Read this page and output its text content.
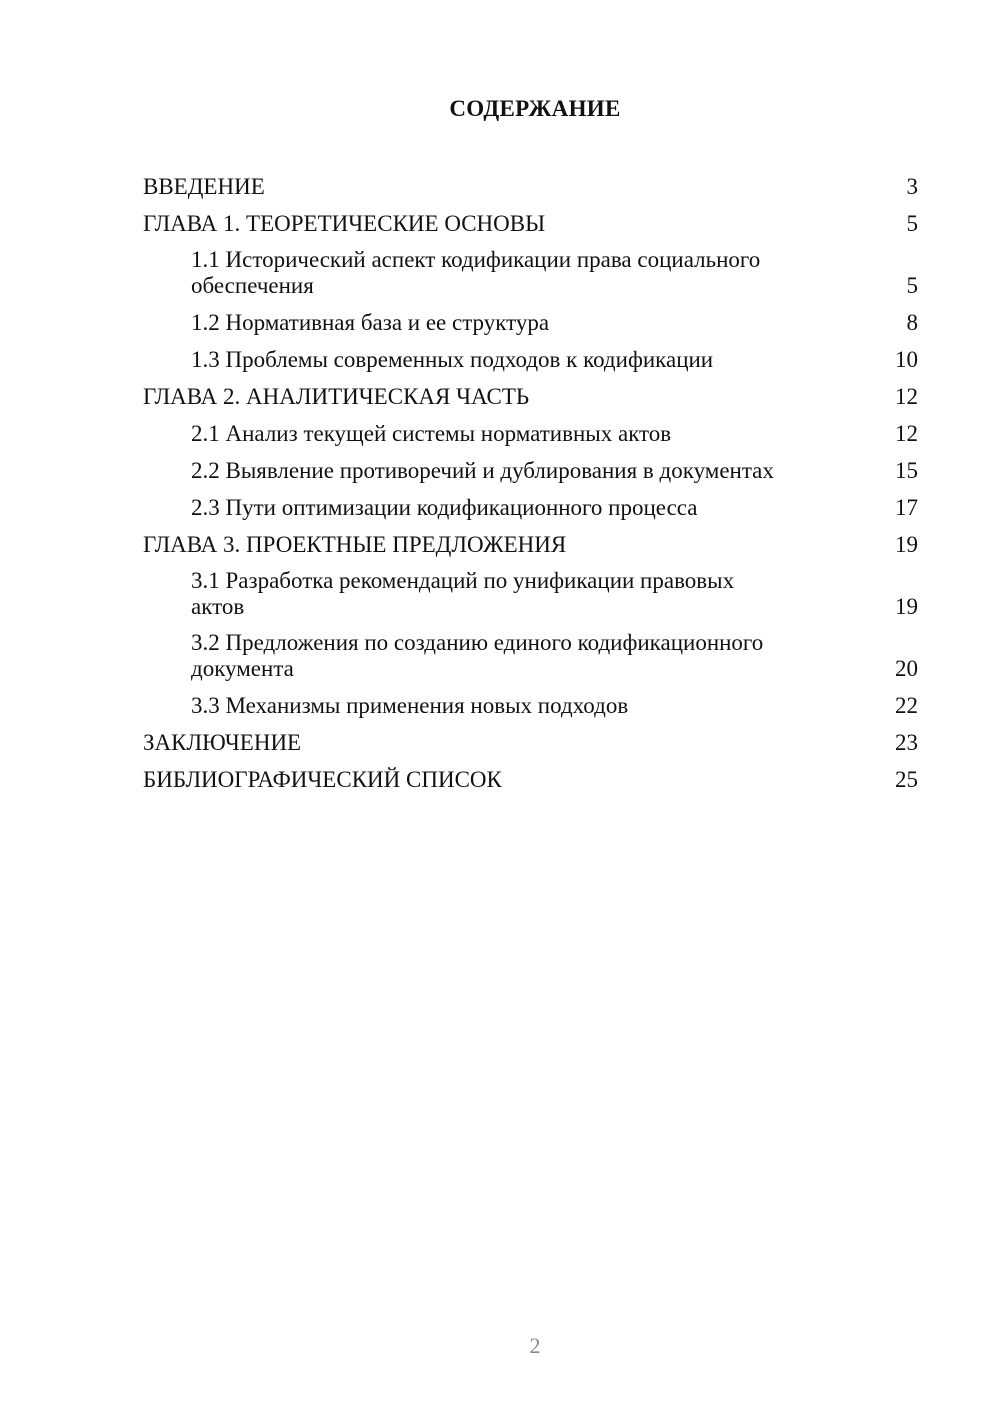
СОДЕРЖАНИЕ
ВВЕДЕНИЕ	3
ГЛАВА 1. ТЕОРЕТИЧЕСКИЕ ОСНОВЫ	5
1.1 Исторический аспект кодификации права социального обеспечения	5
1.2 Нормативная база и ее структура	8
1.3 Проблемы современных подходов к кодификации	10
ГЛАВА 2. АНАЛИТИЧЕСКАЯ ЧАСТЬ	12
2.1 Анализ текущей системы нормативных актов	12
2.2 Выявление противоречий и дублирования в документах	15
2.3 Пути оптимизации кодификационного процесса	17
ГЛАВА 3. ПРОЕКТНЫЕ ПРЕДЛОЖЕНИЯ	19
3.1 Разработка рекомендаций по унификации правовых актов	19
3.2 Предложения по созданию единого кодификационного документа	20
3.3 Механизмы применения новых подходов	22
ЗАКЛЮЧЕНИЕ	23
БИБЛИОГРАФИЧЕСКИЙ СПИСОК	25
2
